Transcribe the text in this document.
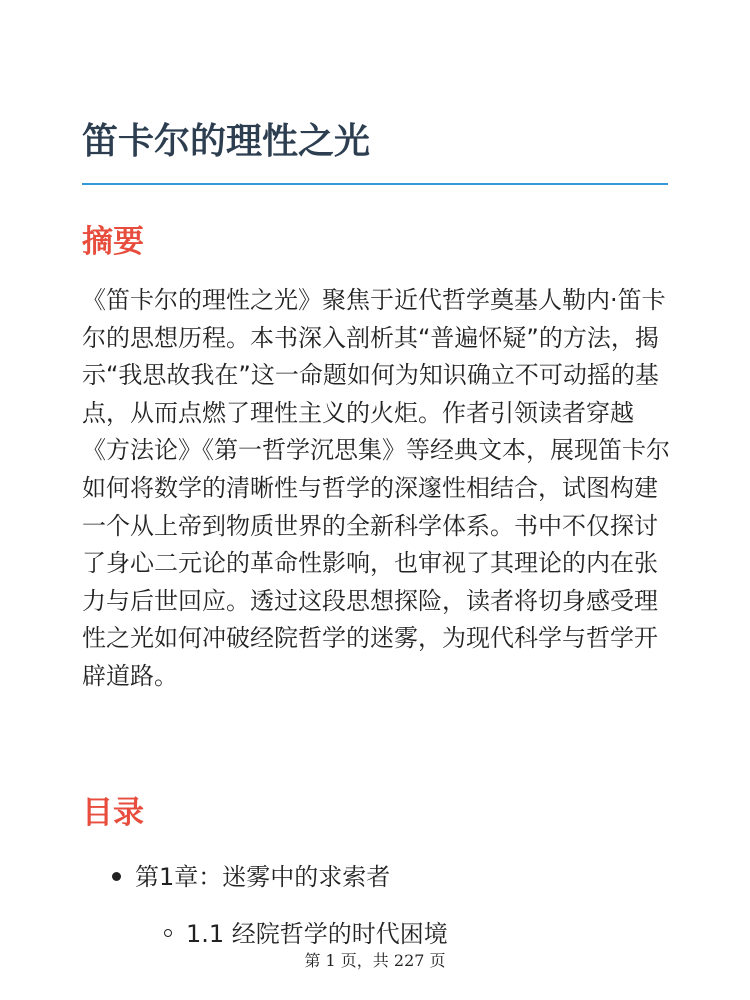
笛卡尔的理性之光
摘要

《笛卡尔的理性之光》聚焦于近代哲学奠基人勒内·笛卡尔的思想历程。本书深入剖析其“普遍怀疑”的方法，揭示“我思故我在”这一命题如何为知识确立不可动摇的基点，从而点燃了理性主义的火炬。作者引领读者穿越《方法论》《第一哲学沉思集》等经典文本，展现笛卡尔如何将数学的清晰性与哲学的深邃性相结合，试图构建一个从上帝到物质世界的全新科学体系。书中不仅探讨了身心二元论的革命性影响，也审视了其理论的内在张力与后世回应。透过这段思想探险，读者将切身感受理性之光如何冲破经院哲学的迷雾，为现代科学与哲学开辟道路。

目录
第1章：迷雾中的求索者
1.1 经院哲学的时代困境
第 1 页，共 227 页
